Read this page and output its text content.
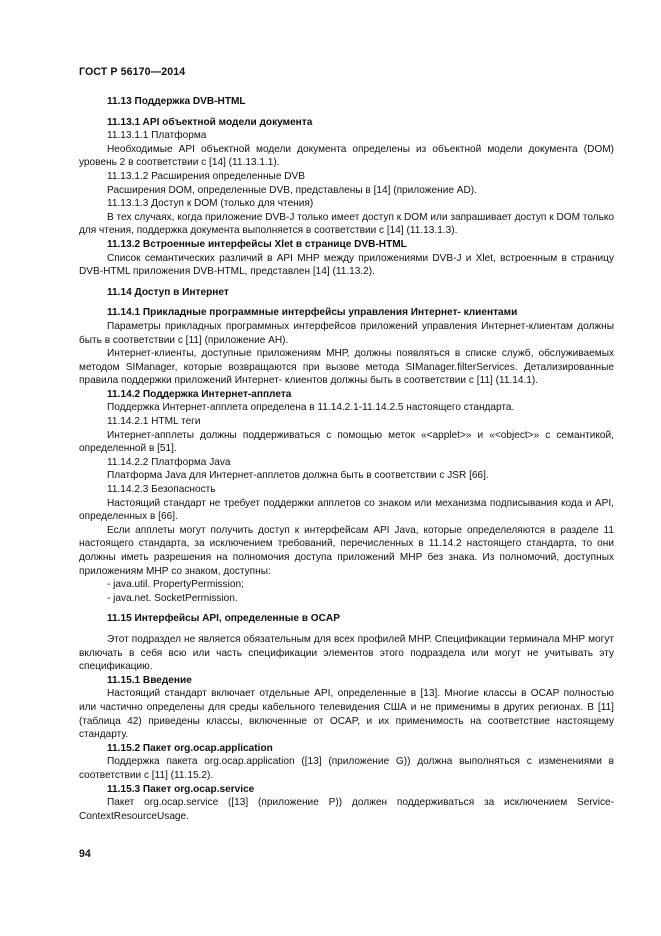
ГОСТ Р 56170—2014

11.13 Поддержка DVB-HTML

11.13.1 API объектной модели документа

11.13.1.1 Платформа

Необходимые API объектной модели документа определены из объектной модели документа (DOM) уровень 2 в соответствии с [14] (11.13.1.1).

11.13.1.2 Расширения определенные DVB

Расширения DOM, определенные DVB, представлены в [14] (приложение AD).

11.13.1.3 Доступ к DOM (только для чтения)

В тех случаях, когда приложение DVB-J только имеет доступ к DOM или запрашивает доступ к DOM только для чтения, поддержка документа выполняется в соответствии с [14] (11.13.1.3).

11.13.2 Встроенные интерфейсы Xlet в странице DVB-HTML

Список семантических различий в API МНР между приложениями DVB-J и Xlet, встроенным в страницу DVB-HTML приложения DVB-HTML, представлен [14] (11.13.2).

11.14 Доступ в Интернет

11.14.1 Прикладные программные интерфейсы управления Интернет- клиентами

Параметры прикладных программных интерфейсов приложений управления Интернет-клиентам должны быть в соответствии с [11] (приложение АН).

Интернет-клиенты, доступные приложениям МНР, должны появляться в списке служб, обслуживаемых методом SIManager, которые возвращаются при вызове метода SIManager.filterServices. Детализированные правила поддержки приложений Интернет- клиентов должны быть в соответствии с [11] (11.14.1).

11.14.2 Поддержка Интернет-апплета

Поддержка Интернет-апплета определена в 11.14.2.1-11.14.2.5 настоящего стандарта.

11.14.2.1 HTML теги

Интернет-апплеты должны поддерживаться с помощью меток «<applet>» и «<object>» с семантикой, определенной в [51].

11.14.2.2 Платформа Java

Платформа Java для Интернет-апплетов должна быть в соответствии с JSR [66].

11.14.2.3 Безопасность

Настоящий стандарт не требует поддержки апплетов со знаком или механизма подписывания кода и API, определенных в [66].

Если апплеты могут получить доступ к интерфейсам API Java, которые определеляются в разделе 11 настоящего стандарта, за исключением требований, перечисленных в 11.14.2 настоящего стандарта, то они должны иметь разрешения на полномочия доступа приложений МНР без знака. Из полномочий, доступных приложениям МНР со знаком, доступны:

- java.util. PropertyPermission;

- java.net. SocketPermission.

11.15 Интерфейсы API, определенные в OCAP

Этот подраздел не является обязательным для всех профилей МНР. Спецификации терминала МНР могут включать в себя всю или часть спецификации элементов этого подраздела или могут не учитывать эту спецификацию.

11.15.1 Введение

Настоящий стандарт включает отдельные API, определенные в [13]. Многие классы в OCAP полностью или частично определены для среды кабельного телевидения США и не применимы в других регионах. В [11] (таблица 42) приведены классы, включенные от OCAP, и их применимость на соответствие настоящему стандарту.

11.15.2 Пакет org.ocap.application

Поддержка пакета org.ocap.application ([13] (приложение G)) должна выполняться с изменениями в соответствии с [11] (11.15.2).

11.15.3 Пакет org.ocap.service

Пакет org.ocap.service ([13] (приложение Р)) должен поддерживаться за исключением Service-ContextResourceUsage.

94
